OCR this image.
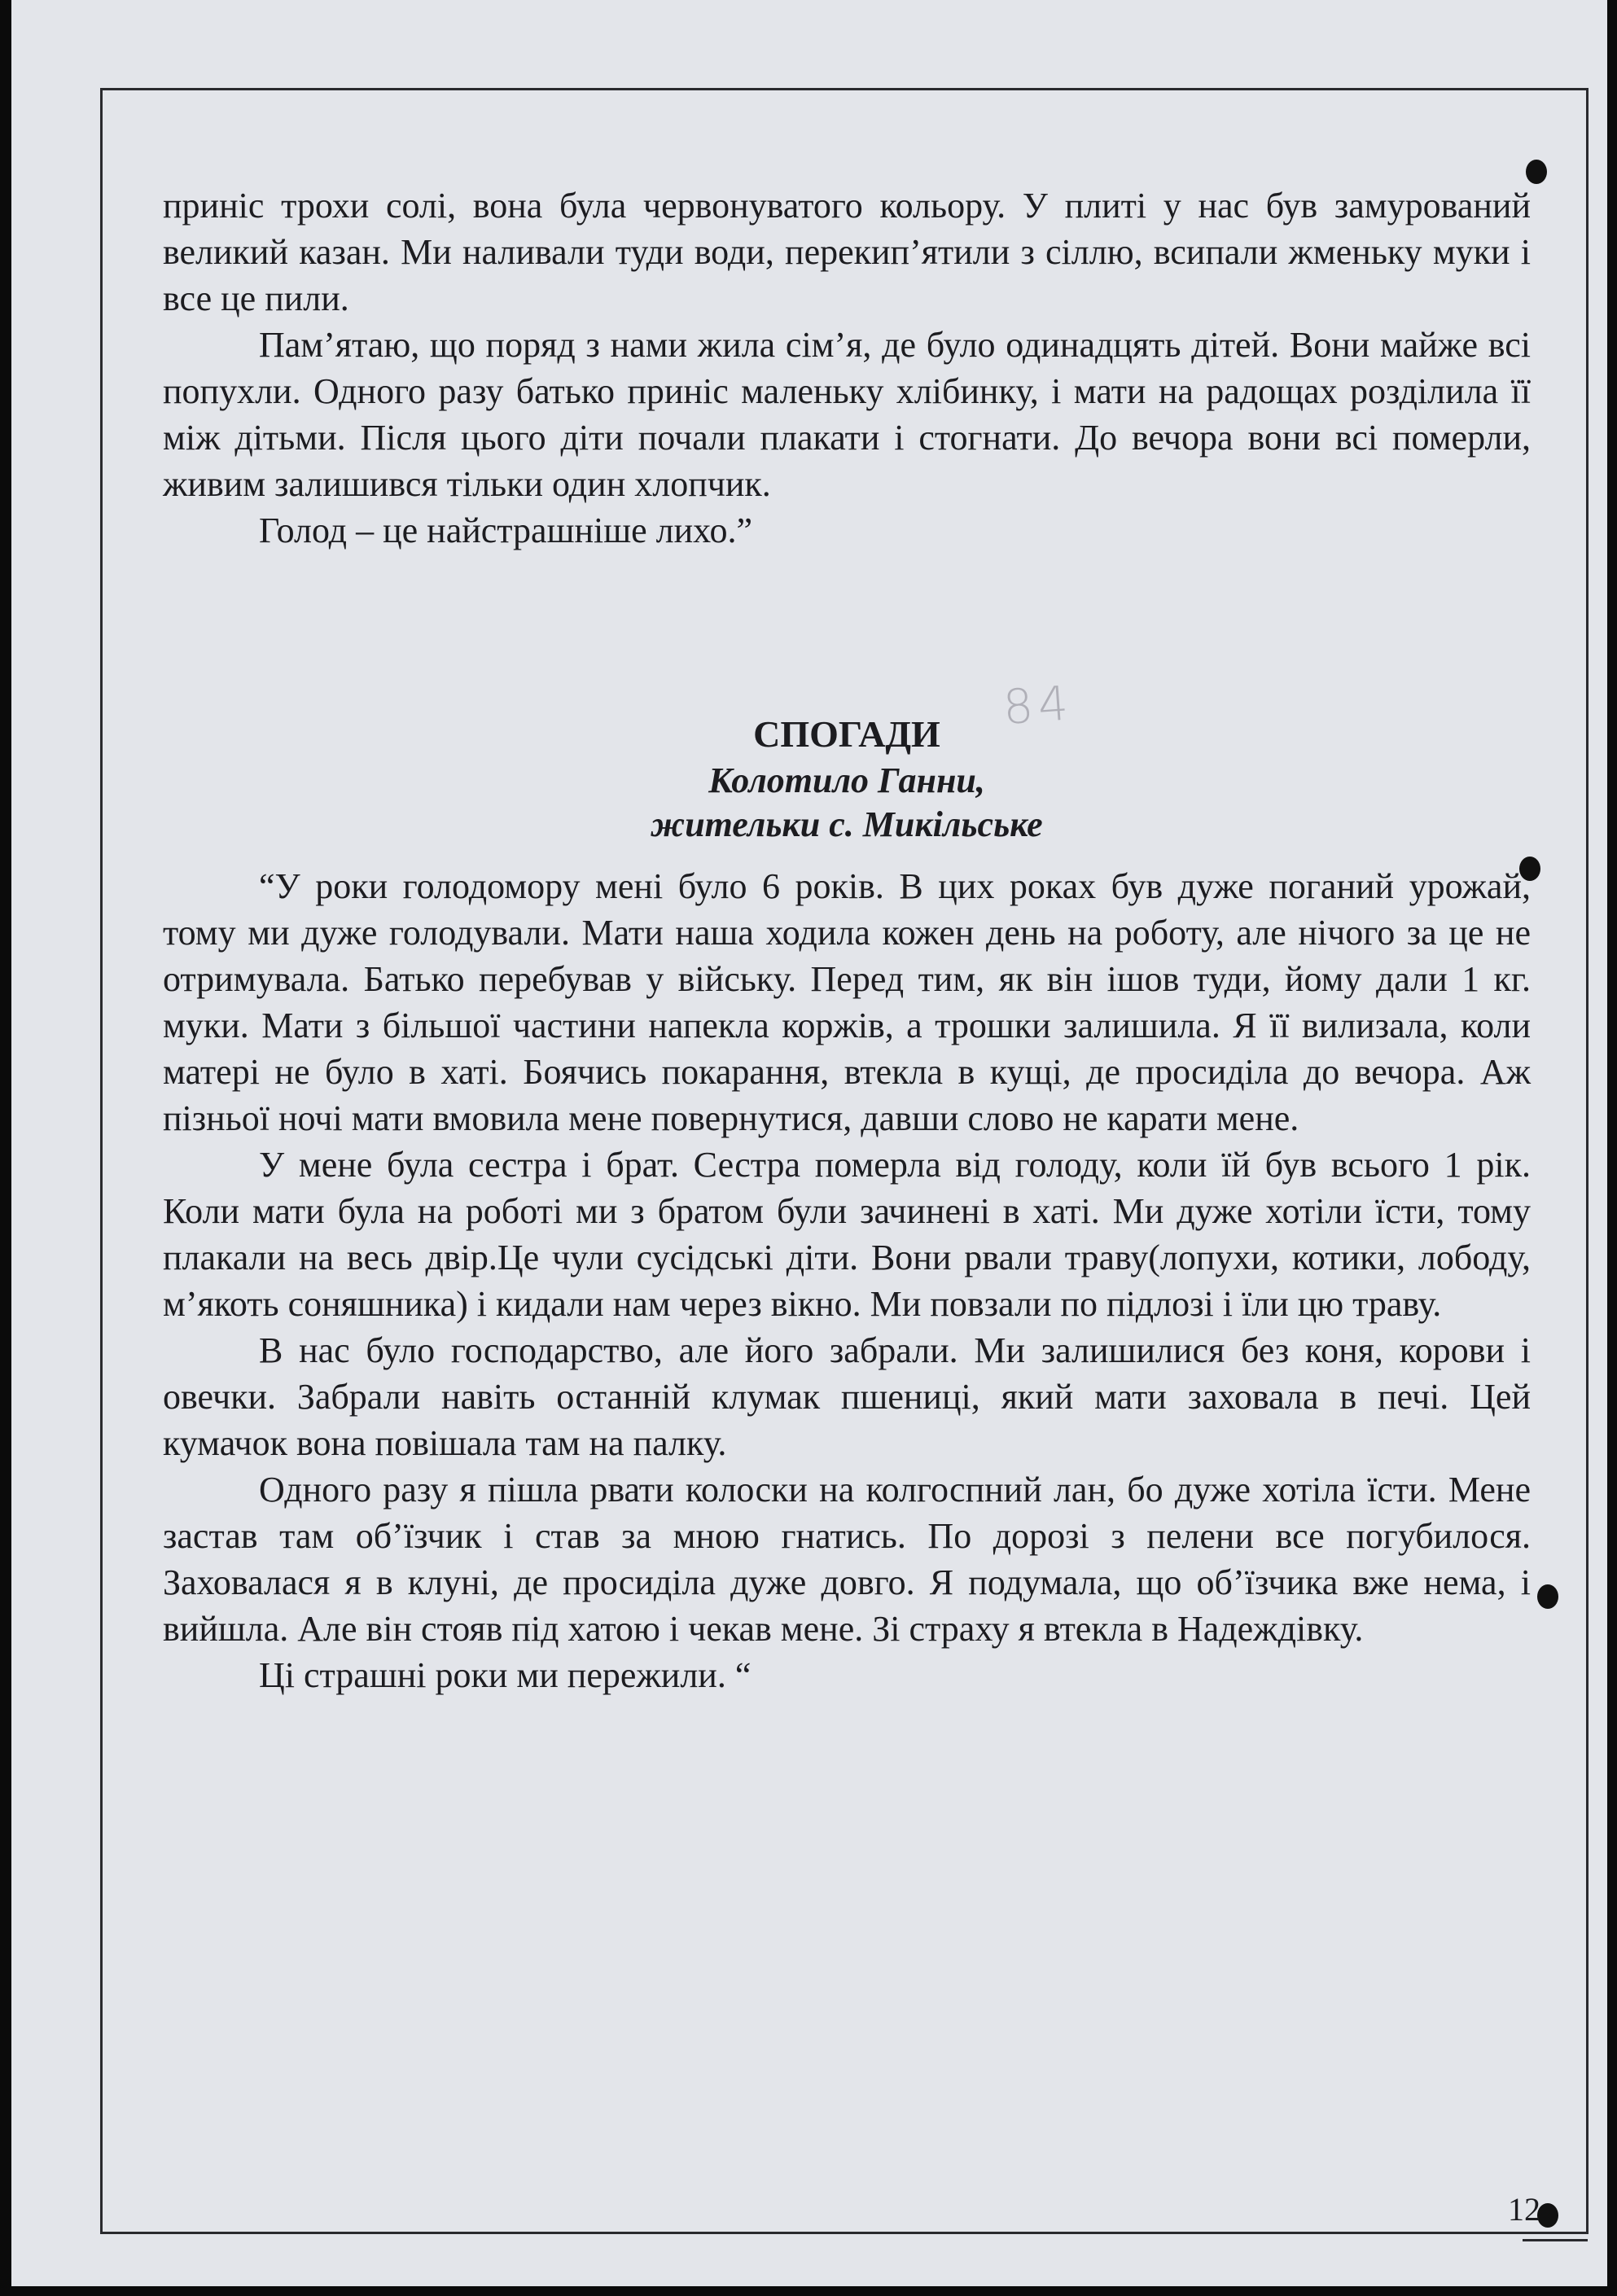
приніс трохи солі, вона була червонуватого кольору. У плиті у нас був замурований великий казан. Ми наливали туди води, перекип’ятили з сіллю, всипали жменьку муки і все це пили.

Пам’ятаю, що поряд з нами жила сім’я, де було одинадцять дітей. Вони майже всі попухли. Одного разу батько приніс маленьку хлібинку, і мати на радощах розділила її між дітьми. Після цього діти почали плакати і стогнати. До вечора вони всі померли, живим залишився тільки один хлопчик.

Голод – це найстрашніше лихо.”

СПОГАДИ
Колотило Ганни,
жительки с. Микільське
84

“У роки голодомору мені було 6 років. В цих роках був дуже поганий урожай, тому ми дуже голодували. Мати наша ходила кожен день на роботу, але нічого за це не отримувала. Батько перебував у війську. Перед тим, як він ішов туди, йому дали 1 кг. муки. Мати з більшої частини напекла коржів, а трошки залишила. Я її вилизала, коли матері не було в хаті. Боячись покарання, втекла в кущі, де просиділа до вечора. Аж пізньої ночі мати вмовила мене повернутися, давши слово не карати мене.

У мене була сестра і брат. Сестра померла від голоду, коли їй був всього 1 рік. Коли мати була на роботі ми з братом були зачинені в хаті. Ми дуже хотіли їсти, тому плакали на весь двір.Це чули сусідські діти. Вони рвали траву(лопухи, котики, лободу, м’якоть соняшника) і кидали нам через вікно. Ми повзали по підлозі і їли цю траву.

В нас було господарство, але його забрали. Ми залишилися без коня, корови і овечки. Забрали навіть останній клумак пшениці, який мати заховала в печі. Цей кумачок вона повішала там на палку.

Одного разу я пішла рвати колоски на колгоспний лан, бо дуже хотіла їсти. Мене застав там об’їзчик і став за мною гнатись. По дорозі з пелени все погубилося. Заховалася я в клуні, де просиділа дуже довго. Я подумала, що об’їзчика вже нема, і вийшла. Але він стояв під хатою і чекав мене. Зі страху я втекла в Надеждівку.

Ці страшні роки ми пережили. “

12
